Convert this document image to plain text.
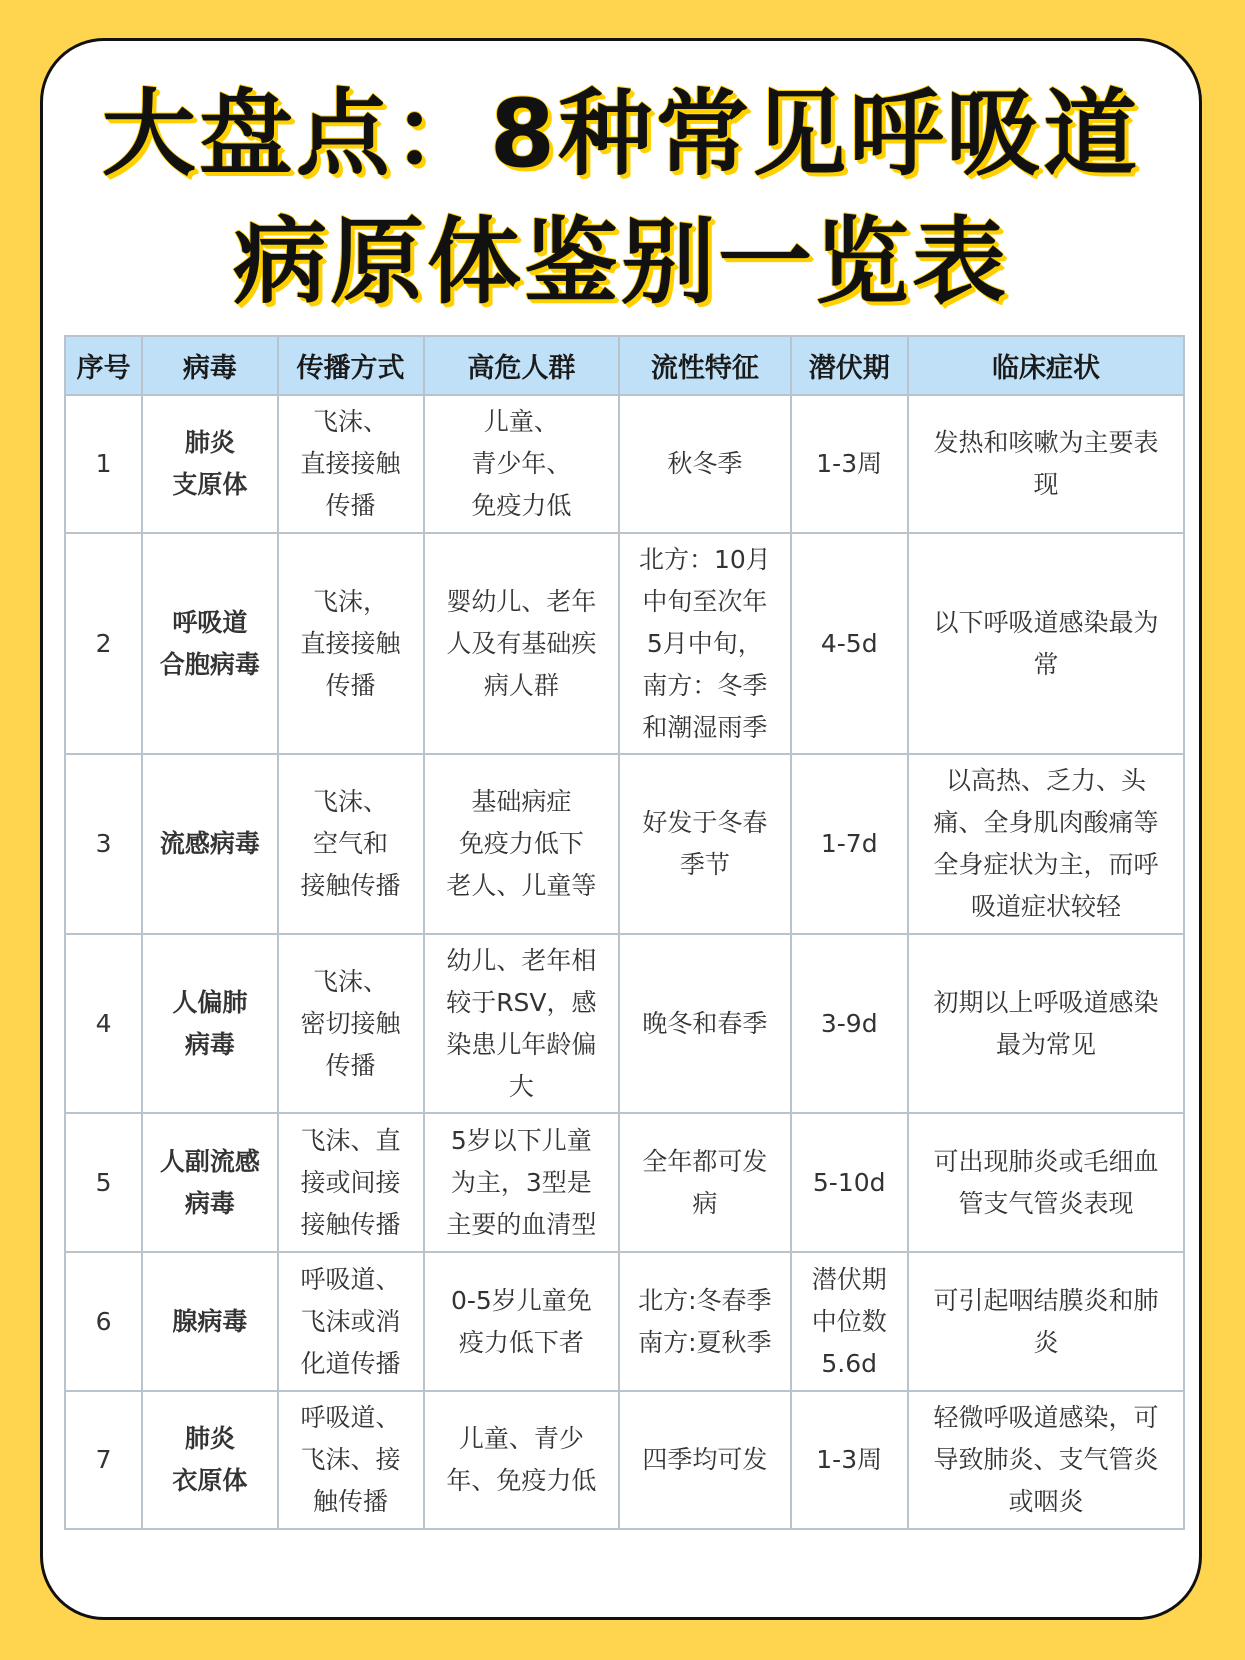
大盘点：8种常见呼吸道
病原体鉴别一览表
序号	病毒	传播方式	高危人群	流性特征	潜伏期	临床症状
1	肺炎
支原体	飞沫、
直接接触
传播	儿童、
青少年、
免疫力低	秋冬季	1-3周	发热和咳嗽为主要表
现
2	呼吸道
合胞病毒	飞沫，
直接接触
传播	婴幼儿、老年
人及有基础疾
病人群	北方：10月
中旬至次年
5月中旬，
南方：冬季
和潮湿雨季	4-5d	以下呼吸道感染最为
常
3	流感病毒	飞沫、
空气和
接触传播	基础病症
免疫力低下
老人、儿童等	好发于冬春
季节	1-7d	以高热、乏力、头
痛、全身肌肉酸痛等
全身症状为主，而呼
吸道症状较轻
4	人偏肺
病毒	飞沫、
密切接触
传播	幼儿、老年相
较于RSV，感
染患儿年龄偏
大	晚冬和春季	3-9d	初期以上呼吸道感染
最为常见
5	人副流感
病毒	飞沫、直
接或间接
接触传播	5岁以下儿童
为主，3型是
主要的血清型	全年都可发
病	5-10d	可出现肺炎或毛细血
管支气管炎表现
6	腺病毒	呼吸道、
飞沫或消
化道传播	0-5岁儿童免
疫力低下者	北方:冬春季
南方:夏秋季	潜伏期
中位数
5.6d	可引起咽结膜炎和肺
炎
7	肺炎
衣原体	呼吸道、
飞沫、接
触传播	儿童、青少
年、免疫力低	四季均可发	1-3周	轻微呼吸道感染，可
导致肺炎、支气管炎
或咽炎
